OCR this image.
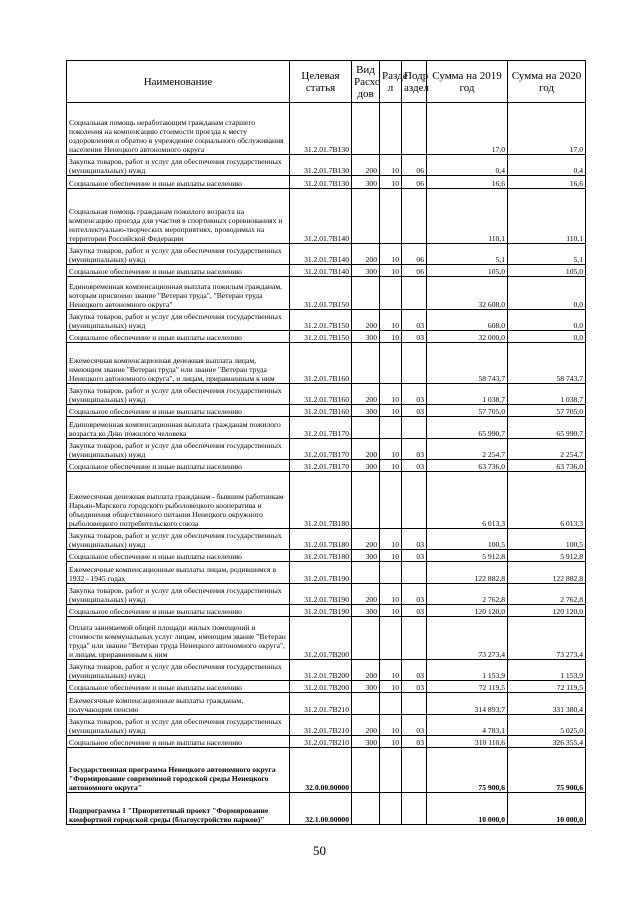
Наименование	Целевая статья	Вид Расхо дов	Разде л	Подр аздел	Сумма на 2019 год	Сумма на 2020 год
Социальная помощь неработающим гражданам старшего поколения на компенсацию стоимости проезда к месту оздоровления и обратно в учреждение социального обслуживания населения Ненецкого автономного округа	31.2.01.7В130				17,0	17,0
Закупка товаров, работ и услуг для обеспечения государственных (муниципальных) нужд	31.2.01.7В130	200	10	06	0,4	0,4
Социальное обеспечение и иные выплаты населению	31.2.01.7В130	300	10	06	16,6	16,6
Социальная помощь гражданам пожилого возраста на компенсацию проезда для участия в спортивных соревнованиях и интеллектуально-творческих мероприятиях, проводимых на территории Российской Федерации	31.2.01.7В140				110,1	110,1
Закупка товаров, работ и услуг для обеспечения государственных (муниципальных) нужд	31.2.01.7В140	200	10	06	5,1	5,1
Социальное обеспечение и иные выплаты населению	31.2.01.7В140	300	10	06	105,0	105,0
Единовременная компенсационная выплата пожилым гражданам, которым присвоено звание "Ветеран труда", "Ветеран труда Ненецкого автономного округа"	31.2.01.7В150				32 608,0	0,0
Закупка товаров, работ и услуг для обеспечения государственных (муниципальных) нужд	31.2.01.7В150	200	10	03	608,0	0,0
Социальное обеспечение и иные выплаты населению	31.2.01.7В150	300	10	03	32 000,0	0,0
Ежемесячная компенсационная денежная выплата лицам, имеющим звание "Ветеран труда" или звание "Ветеран труда Ненецкого автономного округа", и лицам, приравненным к ним	31.2.01.7В160				58 743,7	58 743,7
Закупка товаров, работ и услуг для обеспечения государственных (муниципальных) нужд	31.2.01.7В160	200	10	03	1 038,7	1 038,7
Социальное обеспечение и иные выплаты населению	31.2.01.7В160	300	10	03	57 705,0	57 705,0
Единовременная компенсационная выплата гражданам пожилого возраста ко Дню пожилого человека	31.2.01.7В170				65 990,7	65 990,7
Закупка товаров, работ и услуг для обеспечения государственных (муниципальных) нужд	31.2.01.7В170	200	10	03	2 254,7	2 254,7
Социальное обеспечение и иные выплаты населению	31.2.01.7В170	300	10	03	63 736,0	63 736,0
Ежемесячная денежная выплата гражданам - бывшим работникам Нарьян-Марского городского рыболовецкого кооператива и объединения общественного питания Ненецкого окружного рыболовецкого потребительского союза	31.2.01.7В180				6 013,3	6 013,3
Закупка товаров, работ и услуг для обеспечения государственных (муниципальных) нужд	31.2.01.7В180	200	10	03	100,5	100,5
Социальное обеспечение и иные выплаты населению	31.2.01.7В180	300	10	03	5 912,8	5 912,8
Ежемесячные компенсационные выплаты лицам, родившимся в 1932 - 1945 годах	31.2.01.7В190				122 882,8	122 882,8
Закупка товаров, работ и услуг для обеспечения государственных (муниципальных) нужд	31.2.01.7В190	200	10	03	2 762,8	2 762,8
Социальное обеспечение и иные выплаты населению	31.2.01.7В190	300	10	03	120 120,0	120 120,0
Оплата занимаемой общей площади жилых помещений и стоимости коммунальных услуг лицам, имеющим звание "Ветеран труда" или звание "Ветеран труда Ненецкого автономного округа", и лицам, приравненным к ним	31.2.01.7В200				73 273,4	73 273,4
Закупка товаров, работ и услуг для обеспечения государственных (муниципальных) нужд	31.2.01.7В200	200	10	03	1 153,9	1 153,9
Социальное обеспечение и иные выплаты населению	31.2.01.7В200	300	10	03	72 119,5	72 119,5
Ежемесячные компенсационные выплаты гражданам, получающим пенсию	31.2.01.7В210				314 893,7	331 380,4
Закупка товаров, работ и услуг для обеспечения государственных (муниципальных) нужд	31.2.01.7В210	200	10	03	4 783,1	5 025,0
Социальное обеспечение и иные выплаты населению	31.2.01.7В210	300	10	03	310 110,6	326 355,4
Государственная программа Ненецкого автономного округа "Формирование современной городской среды Ненецкого автономного округа"	32.0.00.00000				75 900,6	75 900,6
Подпрограмма 1 "Приоритетный проект "Формирование комфортной городской среды (благоустройство парков)"	32.1.00.00000				10 000,0	10 000,0
50
